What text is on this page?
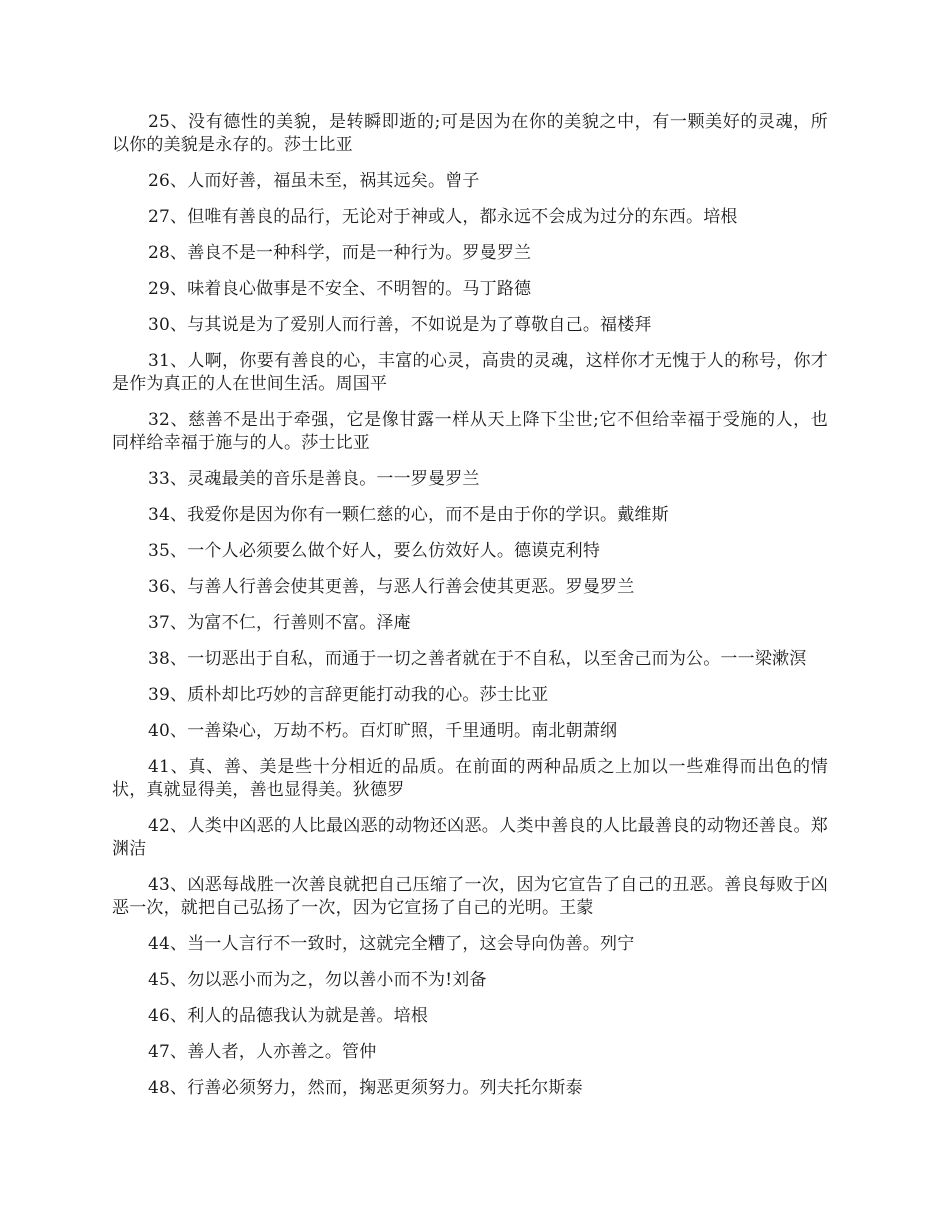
25、没有德性的美貌，是转瞬即逝的;可是因为在你的美貌之中，有一颗美好的灵魂，所以你的美貌是永存的。莎士比亚

26、人而好善，福虽未至，祸其远矣。曾子

27、但唯有善良的品行，无论对于神或人，都永远不会成为过分的东西。培根

28、善良不是一种科学，而是一种行为。罗曼罗兰

29、味着良心做事是不安全、不明智的。马丁路德

30、与其说是为了爱别人而行善，不如说是为了尊敬自己。福楼拜

31、人啊，你要有善良的心，丰富的心灵，高贵的灵魂，这样你才无愧于人的称号，你才是作为真正的人在世间生活。周国平

32、慈善不是出于牵强，它是像甘露一样从天上降下尘世;它不但给幸福于受施的人，也同样给幸福于施与的人。莎士比亚

33、灵魂最美的音乐是善良。一一罗曼罗兰

34、我爱你是因为你有一颗仁慈的心，而不是由于你的学识。戴维斯

35、一个人必须要么做个好人，要么仿效好人。德谟克利特

36、与善人行善会使其更善，与恶人行善会使其更恶。罗曼罗兰

37、为富不仁，行善则不富。泽庵

38、一切恶出于自私，而通于一切之善者就在于不自私，以至舍己而为公。一一梁漱溟

39、质朴却比巧妙的言辞更能打动我的心。莎士比亚

40、一善染心，万劫不朽。百灯旷照，千里通明。南北朝萧纲

41、真、善、美是些十分相近的品质。在前面的两种品质之上加以一些难得而出色的情状，真就显得美，善也显得美。狄德罗

42、人类中凶恶的人比最凶恶的动物还凶恶。人类中善良的人比最善良的动物还善良。郑渊洁

43、凶恶每战胜一次善良就把自己压缩了一次，因为它宣告了自己的丑恶。善良每败于凶恶一次，就把自己弘扬了一次，因为它宣扬了自己的光明。王蒙

44、当一人言行不一致时，这就完全糟了，这会导向伪善。列宁

45、勿以恶小而为之，勿以善小而不为!刘备

46、利人的品德我认为就是善。培根

47、善人者，人亦善之。管仲

48、行善必须努力，然而，掬恶更须努力。列夫托尔斯泰
